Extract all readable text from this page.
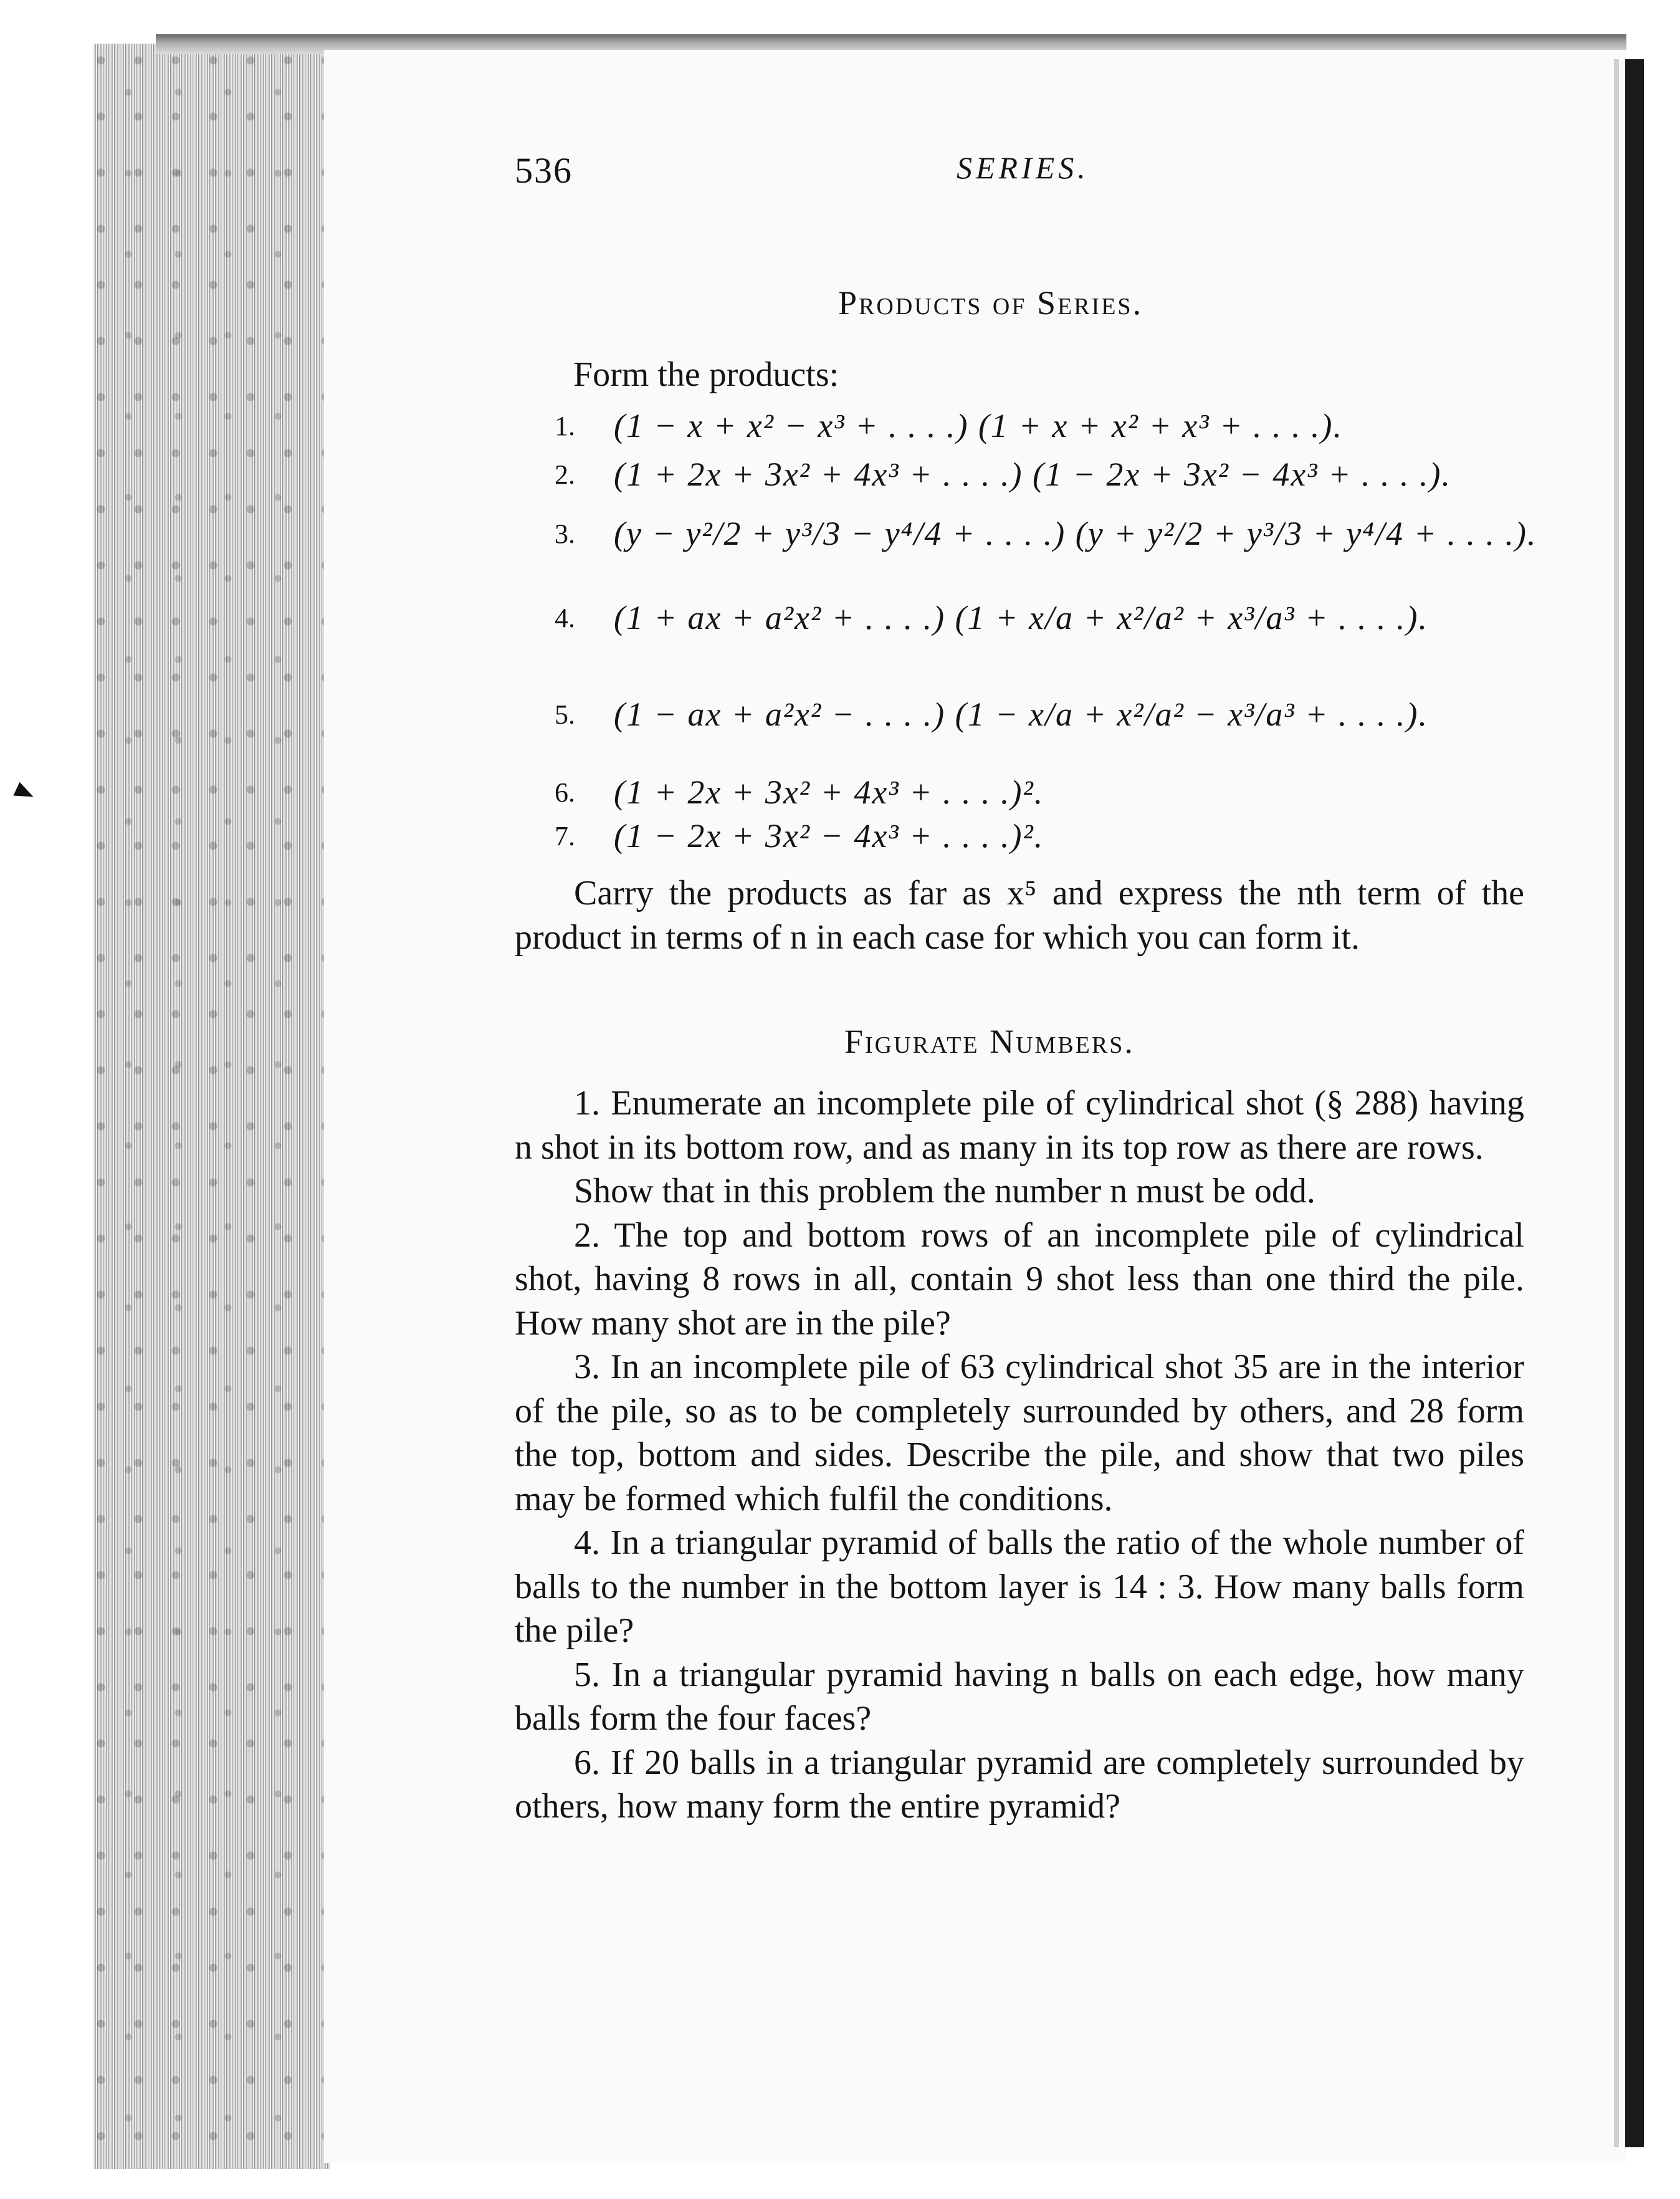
536	SERIES.
Products of Series.
Form the products:
1.	(1 − x + x² − x³ + . . . .) (1 + x + x² + x³ + . . . .).
2.	(1 + 2x + 3x² + 4x³ + . . . .) (1 − 2x + 3x² − 4x³ + . . . .).
3.	(y − y²/2 + y³/3 − y⁴/4 + . . . .) (y + y²/2 + y³/3 + y⁴/4 + . . . .).
4.	(1 + ax + a²x² + . . . .) (1 + x/a + x²/a² + x³/a³ + . . . .).
5.	(1 − ax + a²x² − . . . .) (1 − x/a + x²/a² − x³/a³ + . . . .).
6.	(1 + 2x + 3x² + 4x³ + . . . .)².
7.	(1 − 2x + 3x² − 4x³ + . . . .)².

Carry the products as far as x⁵ and express the nth term of the product in terms of n in each case for which you can form it.

Figurate Numbers.

1. Enumerate an incomplete pile of cylindrical shot (§ 288) having n shot in its bottom row, and as many in its top row as there are rows.

Show that in this problem the number n must be odd.

2. The top and bottom rows of an incomplete pile of cylindrical shot, having 8 rows in all, contain 9 shot less than one third the pile. How many shot are in the pile?

3. In an incomplete pile of 63 cylindrical shot 35 are in the interior of the pile, so as to be completely surrounded by others, and 28 form the top, bottom and sides. Describe the pile, and show that two piles may be formed which fulfil the conditions.

4. In a triangular pyramid of balls the ratio of the whole number of balls to the number in the bottom layer is 14 : 3. How many balls form the pile?

5. In a triangular pyramid having n balls on each edge, how many balls form the four faces?

6. If 20 balls in a triangular pyramid are completely surrounded by others, how many form the entire pyramid?
